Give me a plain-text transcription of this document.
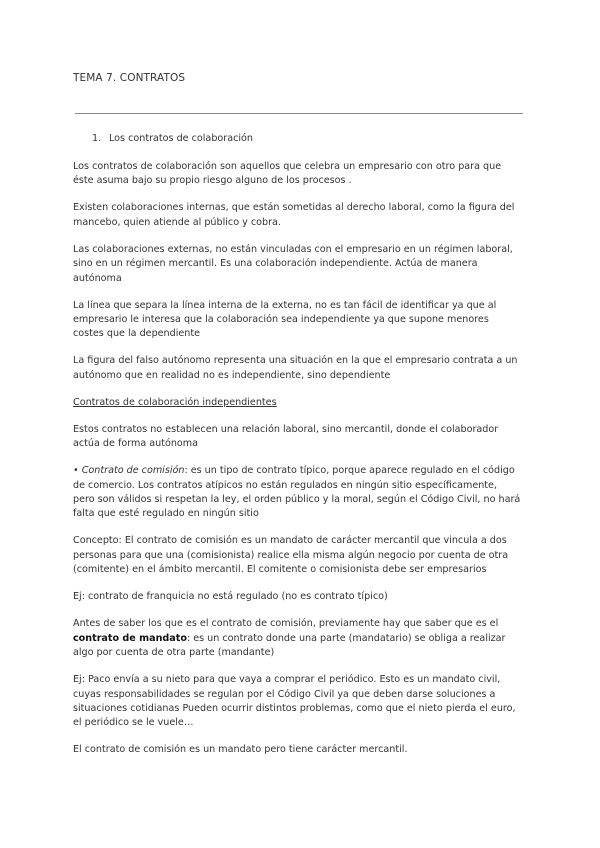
TEMA 7. CONTRATOS
1. Los contratos de colaboración

Los contratos de colaboración son aquellos que celebra un empresario con otro para que éste asuma bajo su propio riesgo alguno de los procesos .

Existen colaboraciones internas, que están sometidas al derecho laboral, como la figura del mancebo, quien atiende al público y cobra.

Las colaboraciones externas, no están vinculadas con el empresario en un régimen laboral, sino en un régimen mercantil. Es una colaboración independiente. Actúa de manera autónoma

La línea que separa la línea interna de la externa, no es tan fácil de identificar ya que al empresario le interesa que la colaboración sea independiente ya que supone menores costes que la dependiente

La figura del falso autónomo representa una situación en la que el empresario contrata a un autónomo que en realidad no es independiente, sino dependiente

Contratos de colaboración independientes

Estos contratos no establecen una relación laboral, sino mercantil, donde el colaborador actúa de forma autónoma

• Contrato de comisión: es un tipo de contrato típico, porque aparece regulado en el código de comercio. Los contratos atípicos no están regulados en ningún sitio específicamente, pero son válidos si respetan la ley, el orden público y la moral, según el Código Civil, no hará falta que esté regulado en ningún sitio

Concepto: El contrato de comisión es un mandato de carácter mercantil que vincula a dos personas para que una (comisionista) realice ella misma algún negocio por cuenta de otra (comitente) en el ámbito mercantil. El comitente o comisionista debe ser empresarios

Ej: contrato de franquicia no está regulado (no es contrato típico)

Antes de saber los que es el contrato de comisión, previamente hay que saber que es el contrato de mandato: es un contrato donde una parte (mandatario) se obliga a realizar algo por cuenta de otra parte (mandante)

Ej: Paco envía a su nieto para que vaya a comprar el periódico. Esto es un mandato civil, cuyas responsabilidades se regulan por el Código Civil ya que deben darse soluciones a situaciones cotidianas Pueden ocurrir distintos problemas, como que el nieto pierda el euro, el periódico se le vuele…

El contrato de comisión es un mandato pero tiene carácter mercantil.
